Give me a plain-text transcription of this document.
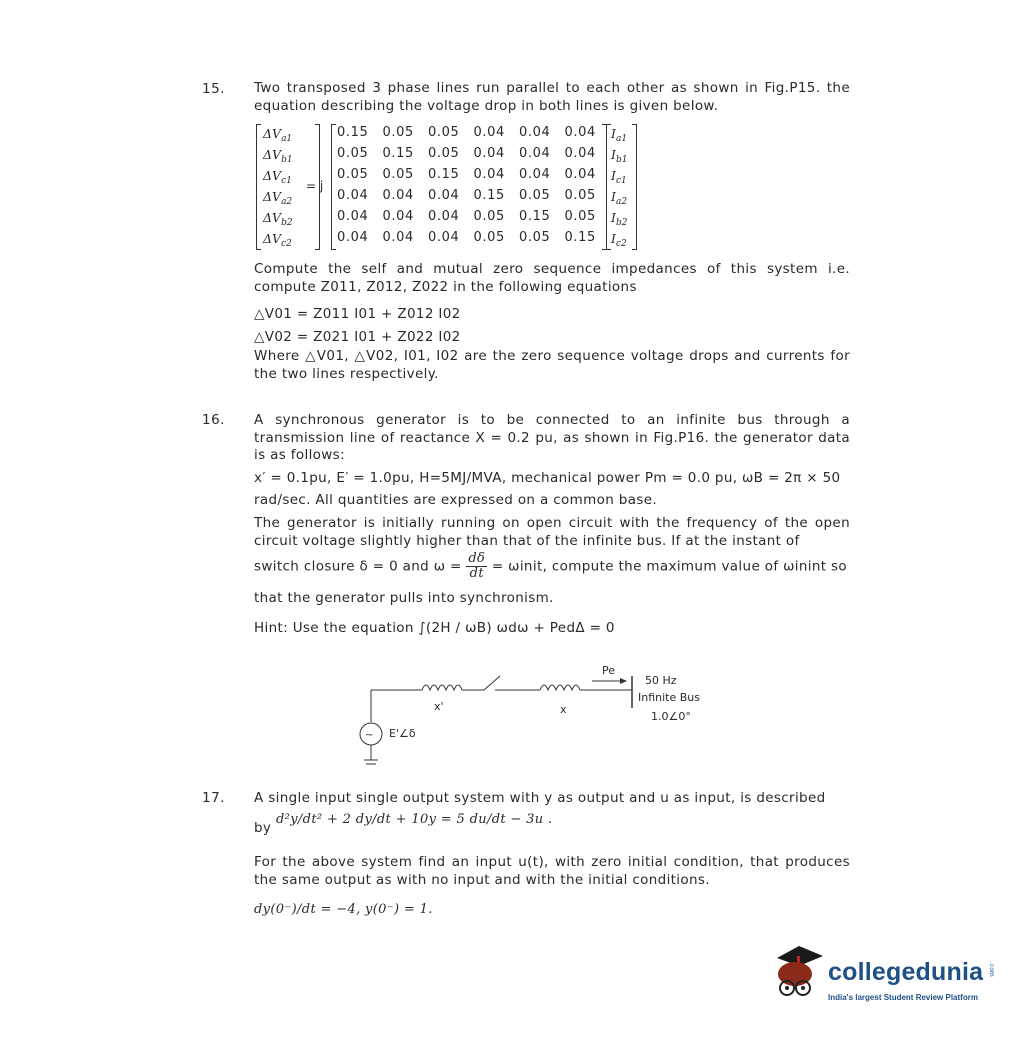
15. Two transposed 3 phase lines run parallel to each other as shown in Fig.P15. the equation describing the voltage drop in both lines is given below.
$\Delta V_{a1}$
$\Delta V_{b1}$
$\Delta V_{c1}$
$\Delta V_{a2}$
$\Delta V_{b2}$
$\Delta V_{c2}$
= j
0.15 0.05 0.05 0.04 0.04 0.04
0.05 0.15 0.05 0.04 0.04 0.04
0.05 0.05 0.15 0.04 0.04 0.04
0.04 0.04 0.04 0.15 0.05 0.05
0.04 0.04 0.04 0.05 0.15 0.05
0.04 0.04 0.04 0.05 0.05 0.15
$I_{a1}$
$I_{b1}$
$I_{c1}$
$I_{a2}$
$I_{b2}$
$I_{c2}$
Compute the self and mutual zero sequence impedances of this system i.e. compute Z011, Z012, Z022 in the following equations
△V01 = Z011 I01 + Z012 I02
△V02 = Z021 I01 + Z022 I02
Where △V01, △V02, I01, I02 are the zero sequence voltage drops and currents for the two lines respectively.
16. A synchronous generator is to be connected to an infinite bus through a transmission line of reactance X = 0.2 pu, as shown in Fig.P16. the generator data is as follows:
x′ = 0.1pu, E′ = 1.0pu, H=5MJ/MVA, mechanical power Pm = 0.0 pu, ωB = 2π × 50
rad/sec. All quantities are expressed on a common base.
The generator is initially running on open circuit with the frequency of the open circuit voltage slightly higher than that of the infinite bus. If at the instant of
switch closure δ = 0 and $\omega = \frac{d\delta}{dt}$ = ωinit, compute the maximum value of ωinint so
that the generator pulls into synchronism.
Hint: Use the equation ∫(2H / ωB) ωdω + PedΔ = 0
~
Pe
50 Hz
Infinite Bus
1.0∠0°
x'	x
E'∠δ
17. A single input single output system with y as output and u as input, is described
by
d²y/dt² + 2 dy/dt + 10y = 5 du/dt − 3u .
For the above system find an input u(t), with zero initial condition, that produces the same output as with no input and with the initial conditions.
dy(0⁻)/dt = −4, y(0⁻) = 1.
collegedunia .com
India's largest Student Review Platform
